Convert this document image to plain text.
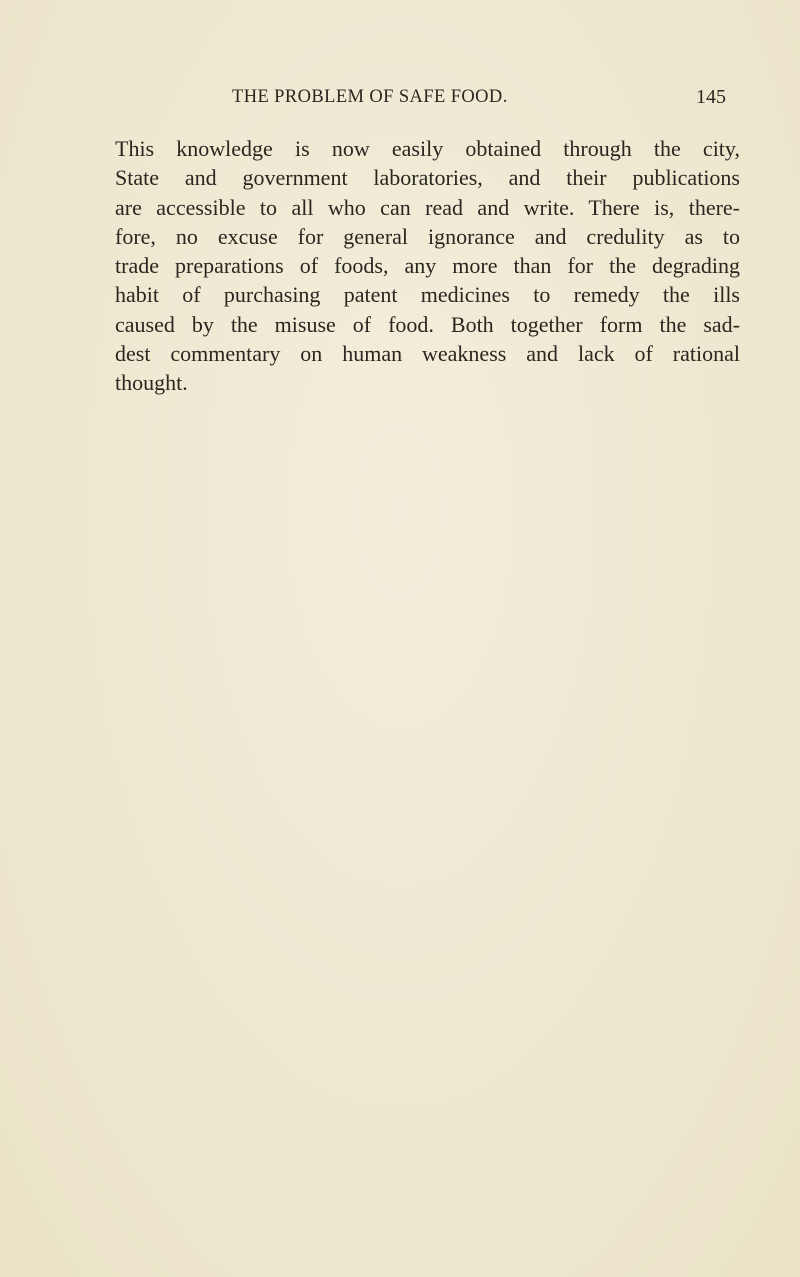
THE PROBLEM OF SAFE FOOD.	145
This knowledge is now easily obtained through the city,
State and government laboratories, and their publications
are accessible to all who can read and write. There is, there-
fore, no excuse for general ignorance and credulity as to
trade preparations of foods, any more than for the degrading
habit of purchasing patent medicines to remedy the ills
caused by the misuse of food. Both together form the sad-
dest commentary on human weakness and lack of rational
thought.
